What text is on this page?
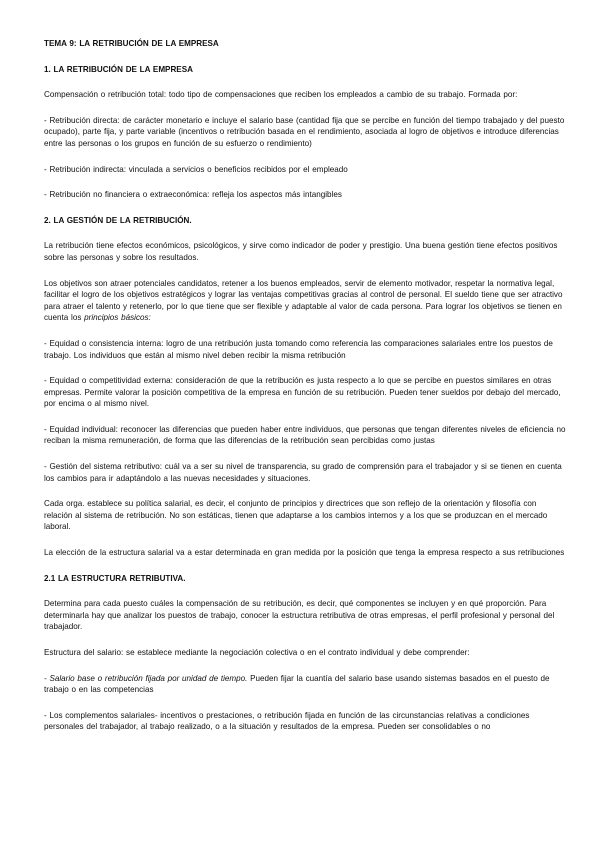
TEMA 9: LA RETRIBUCIÓN DE LA EMPRESA

1. LA RETRIBUCIÓN DE LA EMPRESA

Compensación o retribución total: todo tipo de compensaciones que reciben los empleados a cambio de su trabajo. Formada por:

- Retribución directa: de carácter monetario e incluye el salario base (cantidad fija que se percibe en función del tiempo trabajado y del puesto ocupado), parte fija, y parte variable (incentivos o retribución basada en el rendimiento, asociada al logro de objetivos e introduce diferencias entre las personas o los grupos en función de su esfuerzo o rendimiento)

- Retribución indirecta: vinculada a servicios o beneficios recibidos por el empleado

- Retribución no financiera o extraeconómica: refleja los aspectos más intangibles

2. LA GESTIÓN DE LA RETRIBUCIÓN.

La retribución tiene efectos económicos, psicológicos, y sirve como indicador de poder y prestigio. Una buena gestión tiene efectos positivos sobre las personas y sobre los resultados.

Los objetivos son atraer potenciales candidatos, retener a los buenos empleados, servir de elemento motivador, respetar la normativa legal, facilitar el logro de los objetivos estratégicos y lograr las ventajas competitivas gracias al control de personal. El sueldo tiene que ser atractivo para atraer el talento y retenerlo, por lo que tiene que ser flexible y adaptable al valor de cada persona. Para lograr los objetivos se tienen en cuenta los principios básicos:

- Equidad o consistencia interna: logro de una retribución justa tomando como referencia las comparaciones salariales entre los puestos de trabajo. Los individuos que están al mismo nivel deben recibir la misma retribución

- Equidad o competitividad externa: consideración de que la retribución es justa respecto a lo que se percibe en puestos similares en otras empresas. Permite valorar la posición competitiva de la empresa en función de su retribución. Pueden tener sueldos por debajo del mercado, por encima o al mismo nivel.

- Equidad individual: reconocer las diferencias que pueden haber entre individuos, que personas que tengan diferentes niveles de eficiencia no reciban la misma remuneración, de forma que las diferencias de la retribución sean percibidas como justas

- Gestión del sistema retributivo: cuál va a ser su nivel de transparencia, su grado de comprensión para el trabajador y si se tienen en cuenta los cambios para ir adaptándolo a las nuevas necesidades y situaciones.

Cada orga. establece su política salarial, es decir, el conjunto de principios y directrices que son reflejo de la orientación y filosofía con relación al sistema de retribución. No son estáticas, tienen que adaptarse a los cambios internos y a los que se produzcan en el mercado laboral.

La elección de la estructura salarial va a estar determinada en gran medida por la posición que tenga la empresa respecto a sus retribuciones

2.1 LA ESTRUCTURA RETRIBUTIVA.

Determina para cada puesto cuáles la compensación de su retribución, es decir, qué componentes se incluyen y en qué proporción. Para determinarla hay que analizar los puestos de trabajo, conocer la estructura retributiva de otras empresas, el perfil profesional y personal del trabajador.

Estructura del salario: se establece mediante la negociación colectiva o en el contrato individual y debe comprender:

- Salario base o retribución fijada por unidad de tiempo. Pueden fijar la cuantía del salario base usando sistemas basados en el puesto de trabajo o en las competencias

- Los complementos salariales- incentivos o prestaciones, o retribución fijada en función de las circunstancias relativas a condiciones personales del trabajador, al trabajo realizado, o a la situación y resultados de la empresa. Pueden ser consolidables o no
